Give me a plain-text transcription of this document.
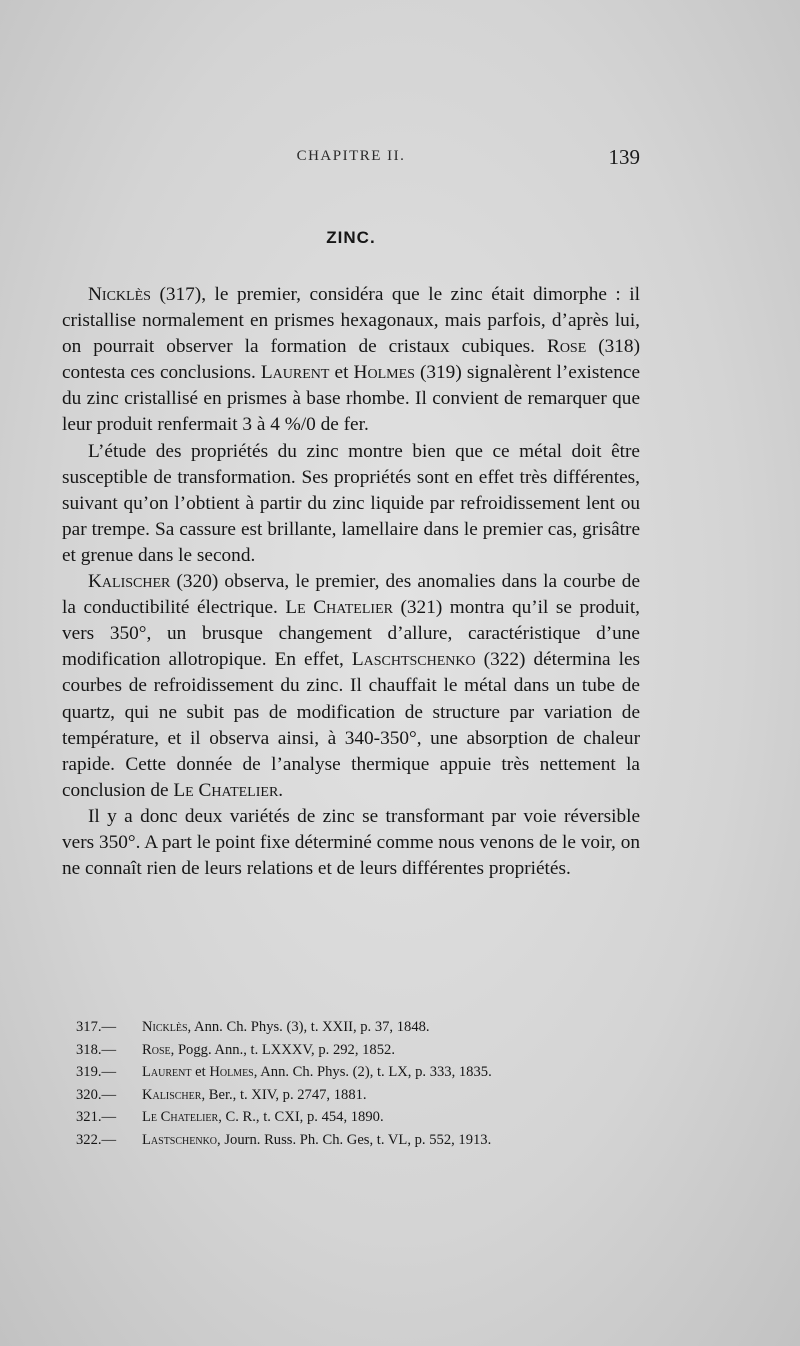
CHAPITRE II.	139
ZINC.

Nicklès (317), le premier, considéra que le zinc était dimorphe : il cristallise normalement en prismes hexagonaux, mais parfois, d’après lui, on pourrait observer la formation de cristaux cubiques. Rose (318) contesta ces conclusions. Laurent et Holmes (319) signalèrent l’existence du zinc cristallisé en prismes à base rhombe. Il convient de remarquer que leur produit renfermait 3 à 4 %/0 de fer.

L’étude des propriétés du zinc montre bien que ce métal doit être susceptible de transformation. Ses propriétés sont en effet très différentes, suivant qu’on l’obtient à partir du zinc liquide par refroidissement lent ou par trempe. Sa cassure est brillante, lamellaire dans le premier cas, grisâtre et grenue dans le second.

Kalischer (320) observa, le premier, des anomalies dans la courbe de la conductibilité électrique. Le Chatelier (321) montra qu’il se produit, vers 350°, un brusque changement d’allure, caractéristique d’une modification allotropique. En effet, Laschtschenko (322) détermina les courbes de refroidissement du zinc. Il chauffait le métal dans un tube de quartz, qui ne subit pas de modification de structure par variation de température, et il observa ainsi, à 340-350°, une absorption de chaleur rapide. Cette donnée de l’analyse thermique appuie très nettement la conclusion de Le Chatelier.

Il y a donc deux variétés de zinc se transformant par voie réversible vers 350°. A part le point fixe déterminé comme nous venons de le voir, on ne connaît rien de leurs relations et de leurs différentes propriétés.

317.— Nicklès, Ann. Ch. Phys. (3), t. XXII, p. 37, 1848.
318.— Rose, Pogg. Ann., t. LXXXV, p. 292, 1852.
319.— Laurent et Holmes, Ann. Ch. Phys. (2), t. LX, p. 333, 1835.
320.— Kalischer, Ber., t. XIV, p. 2747, 1881.
321.— Le Chatelier, C. R., t. CXI, p. 454, 1890.
322.— Lastschenko, Journ. Russ. Ph. Ch. Ges, t. VL, p. 552, 1913.
